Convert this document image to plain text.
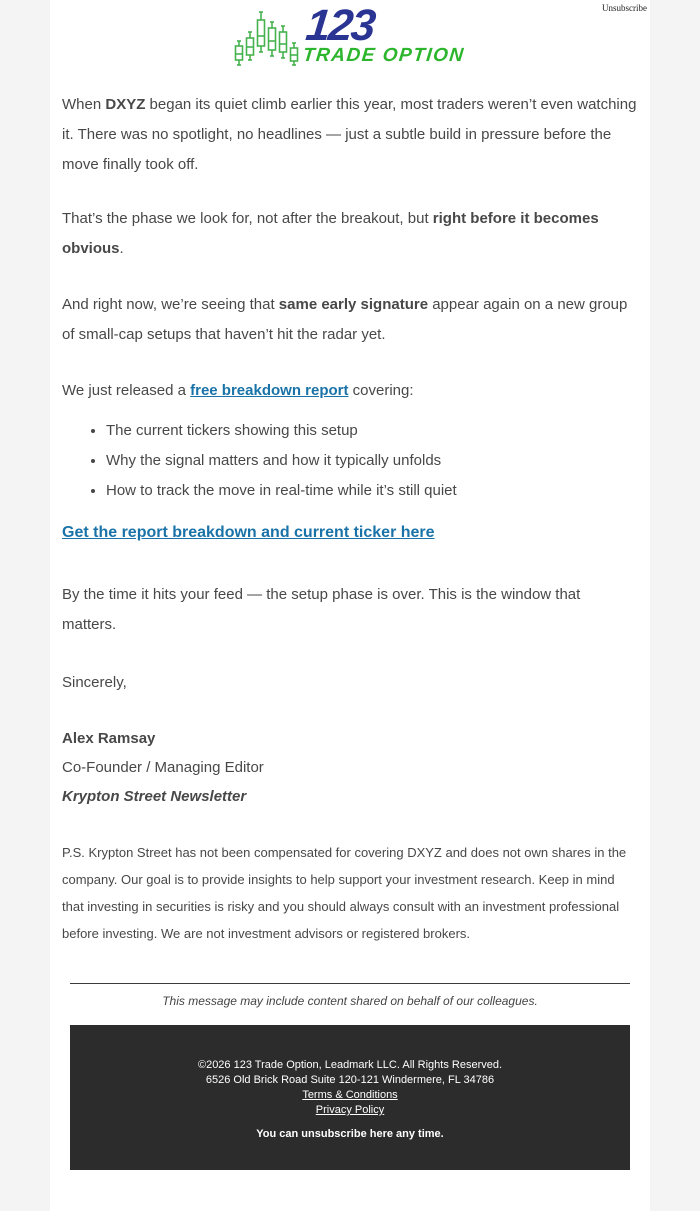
Unsubscribe
123
TRADE OPTION

When DXYZ began its quiet climb earlier this year, most traders weren’t even watching it. There was no spotlight, no headlines — just a subtle build in pressure before the move finally took off.

That’s the phase we look for, not after the breakout, but right before it becomes obvious.

And right now, we’re seeing that same early signature appear again on a new group of small-cap setups that haven’t hit the radar yet.

We just released a free breakdown report covering:

• The current tickers showing this setup
• Why the signal matters and how it typically unfolds
• How to track the move in real-time while it’s still quiet
Get the report breakdown and current ticker here

By the time it hits your feed — the setup phase is over. This is the window that matters.

Sincerely,

Alex Ramsay
Co-Founder / Managing Editor
Krypton Street Newsletter

P.S. Krypton Street has not been compensated for covering DXYZ and does not own shares in the company. Our goal is to provide insights to help support your investment research. Keep in mind that investing in securities is risky and you should always consult with an investment professional before investing. We are not investment advisors or registered brokers.

This message may include content shared on behalf of our colleagues.
©2026 123 Trade Option, Leadmark LLC. All Rights Reserved.
6526 Old Brick Road Suite 120-121 Windermere, FL 34786
Terms & Conditions
Privacy Policy
You can unsubscribe here any time.
